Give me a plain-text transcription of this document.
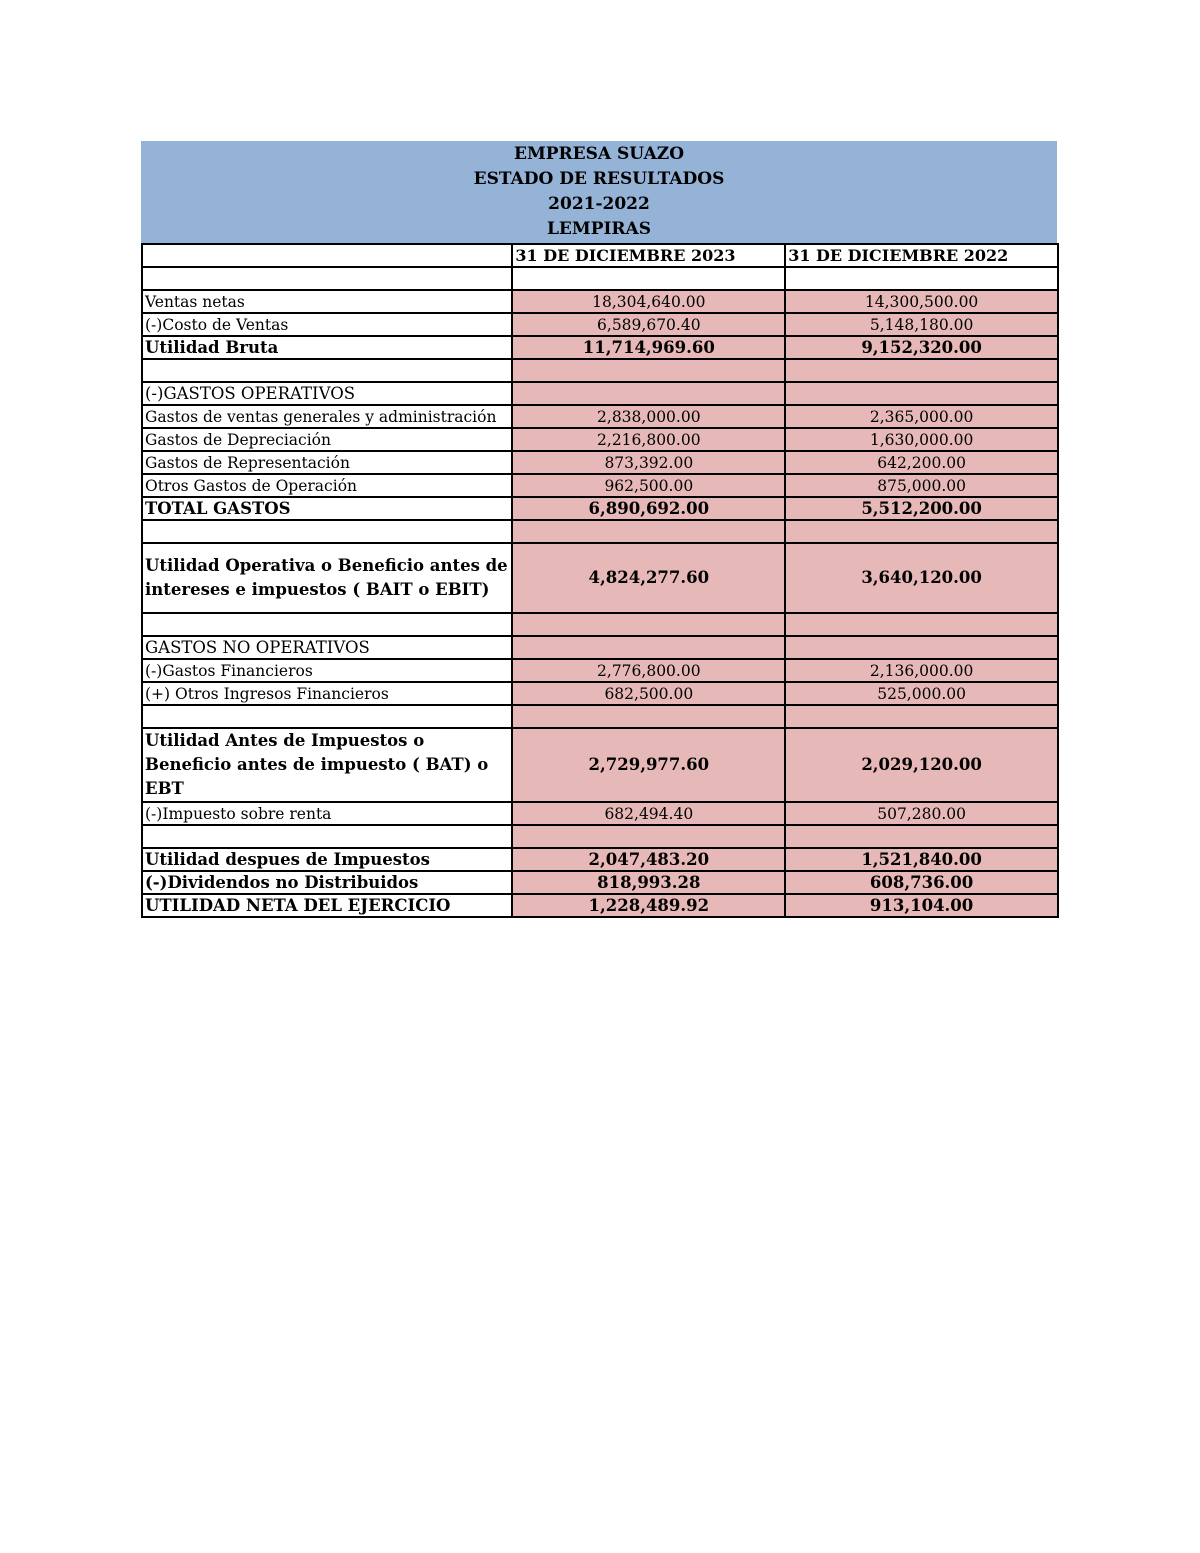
EMPRESA SUAZO
ESTADO DE RESULTADOS
2021-2022
LEMPIRAS
	31 DE DICIEMBRE 2023	31 DE DICIEMBRE 2022

Ventas netas	18,304,640.00	14,300,500.00
(-)Costo de Ventas	6,589,670.40	5,148,180.00
Utilidad Bruta	11,714,969.60	9,152,320.00

(-)GASTOS OPERATIVOS		
Gastos de ventas generales y administración	2,838,000.00	2,365,000.00
Gastos de Depreciación	2,216,800.00	1,630,000.00
Gastos de Representación	873,392.00	642,200.00
Otros Gastos de Operación	962,500.00	875,000.00
TOTAL GASTOS	6,890,692.00	5,512,200.00

Utilidad Operativa o Beneficio antes de intereses e impuestos ( BAIT o EBIT)	4,824,277.60	3,640,120.00

GASTOS NO OPERATIVOS		
(-)Gastos Financieros	2,776,800.00	2,136,000.00
(+) Otros Ingresos Financieros	682,500.00	525,000.00

Utilidad Antes de Impuestos o Beneficio antes de impuesto ( BAT) o EBT	2,729,977.60	2,029,120.00
(-)Impuesto sobre renta	682,494.40	507,280.00

Utilidad despues de Impuestos	2,047,483.20	1,521,840.00
(-)Dividendos no Distribuidos	818,993.28	608,736.00
UTILIDAD NETA DEL EJERCICIO	1,228,489.92	913,104.00
